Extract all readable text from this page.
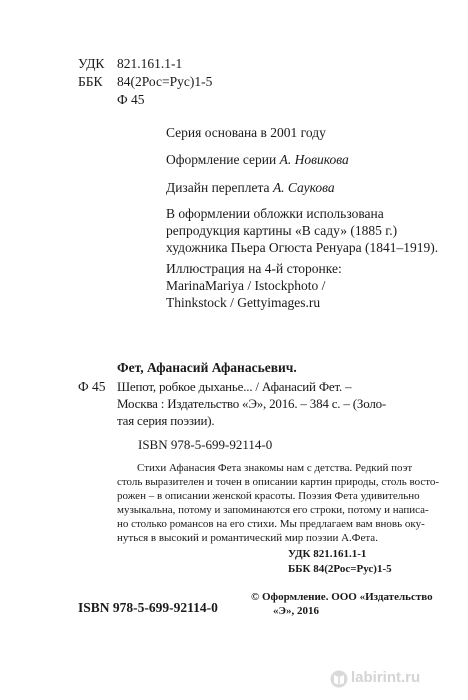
УДК 821.161.1-1
ББК 84(2Рос=Рус)1-5
Ф 45
Серия основана в 2001 году
Оформление серии А. Новикова
Дизайн переплета А. Саукова
В оформлении обложки использована
репродукция картины «В саду» (1885 г.)
художника Пьера Огюста Ренуара (1841–1919).
Иллюстрация на 4-й сторонке:
MarinaMariya / Istockphoto /
Thinkstock / Gettyimages.ru
Фет, Афанасий Афанасьевич.
Ф 45 Шепот, робкое дыханье... / Афанасий Фет. –
Москва : Издательство «Э», 2016. – 384 с. – (Золо-
тая серия поэзии).
ISBN 978-5-699-92114-0
Стихи Афанасия Фета знакомы нам с детства. Редкий поэт
столь выразителен и точен в описании картин природы, столь восто-
рожен – в описании женской красоты. Поэзия Фета удивительно
музыкальна, потому и запоминаются его строки, потому и написа-
но столько романсов на его стихи. Мы предлагаем вам вновь оку-
нуться в высокий и романтический мир поэзии А.Фета.
УДК 821.161.1-1
ББК 84(2Рос=Рус)1-5
© Оформление. ООО «Издательство
«Э», 2016
ISBN 978-5-699-92114-0
labirint.ru
